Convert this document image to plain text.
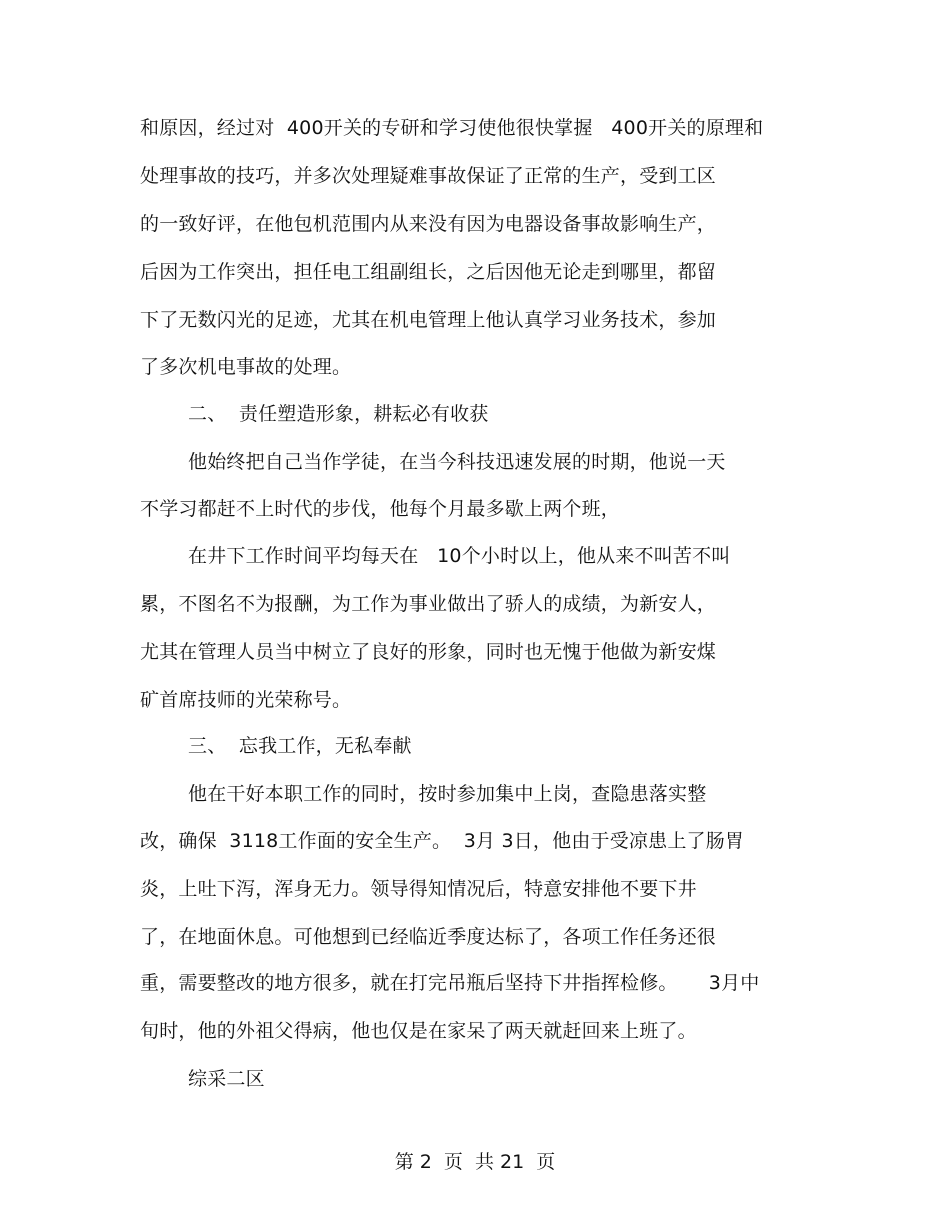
和原因，经过对  400开关的专研和学习使他很快掌握   400开关的原理和
处理事故的技巧，并多次处理疑难事故保证了正常的生产，受到工区
的一致好评，在他包机范围内从来没有因为电器设备事故影响生产，
后因为工作突出，担任电工组副组长，之后因他无论走到哪里，都留
下了无数闪光的足迹，尤其在机电管理上他认真学习业务技术，参加
了多次机电事故的处理。
二、  责任塑造形象，耕耘必有收获
他始终把自己当作学徒，在当今科技迅速发展的时期，他说一天
不学习都赶不上时代的步伐，他每个月最多歇上两个班，
在井下工作时间平均每天在   10个小时以上，他从来不叫苦不叫
累，不图名不为报酬，为工作为事业做出了骄人的成绩，为新安人，
尤其在管理人员当中树立了良好的形象，同时也无愧于他做为新安煤
矿首席技师的光荣称号。
三、  忘我工作，无私奉献
他在干好本职工作的同时，按时参加集中上岗，查隐患落实整
改，确保  3118工作面的安全生产。  3月 3日，他由于受凉患上了肠胃
炎，上吐下泻，浑身无力。领导得知情况后，特意安排他不要下井
了，在地面休息。可他想到已经临近季度达标了，各项工作任务还很
重，需要整改的地方很多，就在打完吊瓶后坚持下井指挥检修。     3月中
旬时，他的外祖父得病，他也仅是在家呆了两天就赶回来上班了。
综采二区
第 2  页  共 21  页
